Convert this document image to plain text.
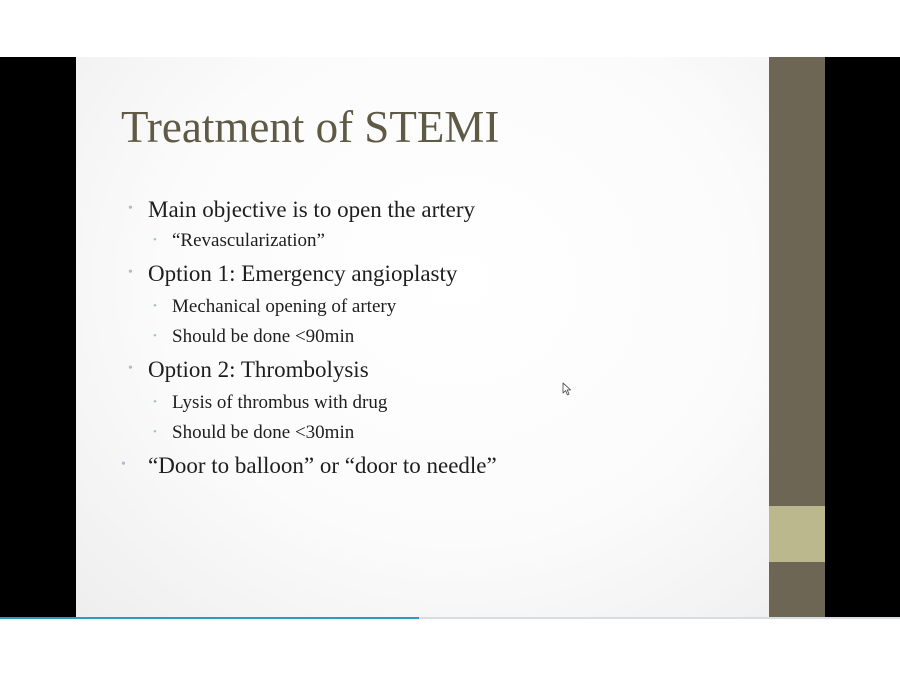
Treatment of STEMI
• Main objective is to open the artery
• “Revascularization”
• Option 1: Emergency angioplasty
• Mechanical opening of artery
• Should be done <90min
• Option 2: Thrombolysis
• Lysis of thrombus with drug
• Should be done <30min
• “Door to balloon” or “door to needle”
